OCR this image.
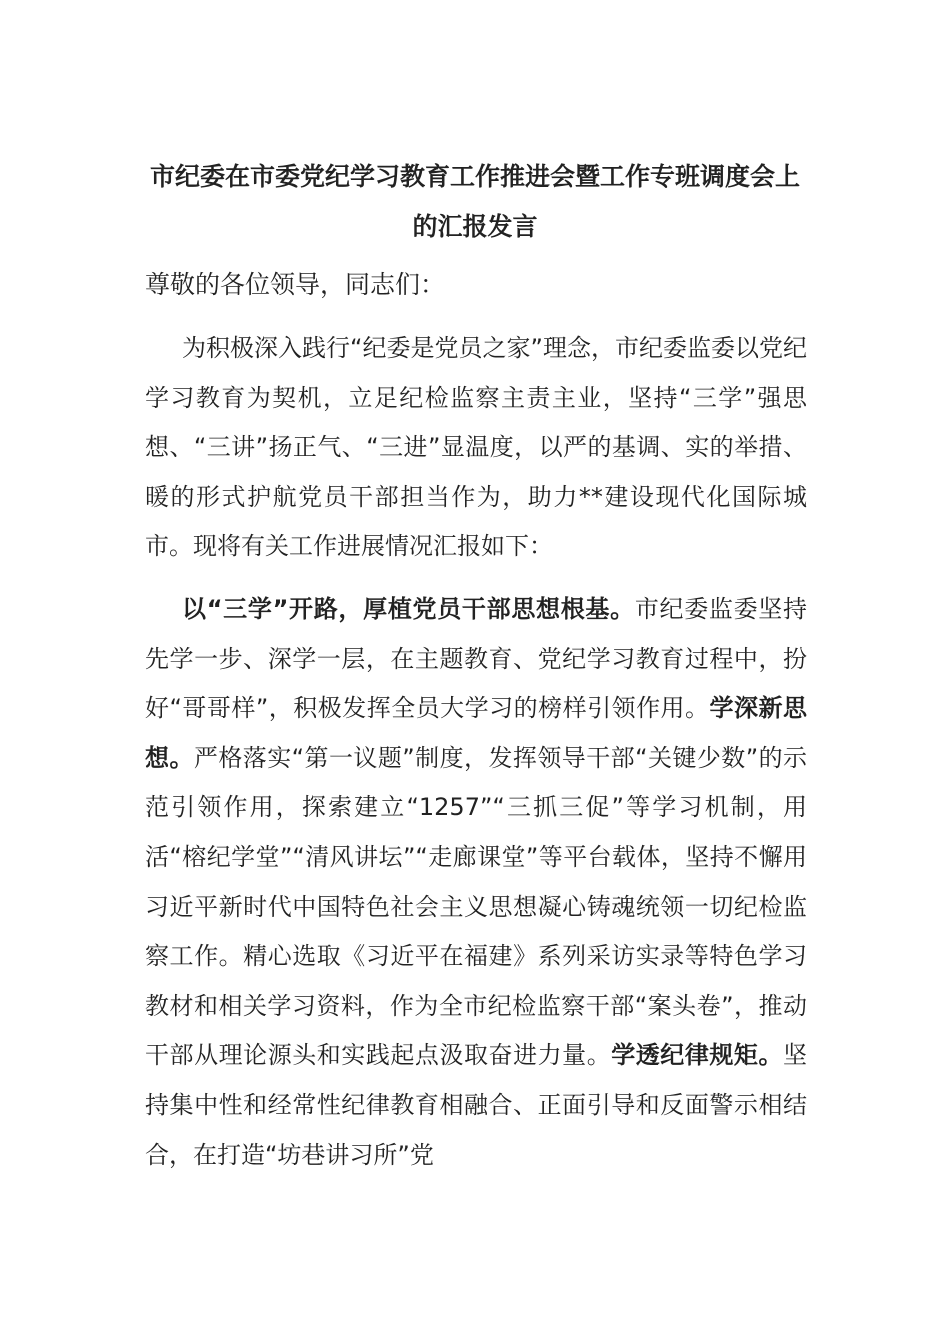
市纪委在市委党纪学习教育工作推进会暨工作专班调度会上的汇报发言

尊敬的各位领导，同志们：

为积极深入践行“纪委是党员之家”理念，市纪委监委以党纪学习教育为契机，立足纪检监察主责主业，坚持“三学”强思想、“三讲”扬正气、“三进”显温度，以严的基调、实的举措、暖的形式护航党员干部担当作为，助力**建设现代化国际城市。现将有关工作进展情况汇报如下：

以“三学”开路，厚植党员干部思想根基。市纪委监委坚持先学一步、深学一层，在主题教育、党纪学习教育过程中，扮好“哥哥样”，积极发挥全员大学习的榜样引领作用。学深新思想。严格落实“第一议题”制度，发挥领导干部“关键少数”的示范引领作用，探索建立“1257”“三抓三促”等学习机制，用活“榕纪学堂”“清风讲坛”“走廊课堂”等平台载体，坚持不懈用习近平新时代中国特色社会主义思想凝心铸魂统领一切纪检监察工作。精心选取《习近平在福建》系列采访实录等特色学习教材和相关学习资料，作为全市纪检监察干部“案头卷”，推动干部从理论源头和实践起点汲取奋进力量。学透纪律规矩。坚持集中性和经常性纪律教育相融合、正面引导和反面警示相结合，在打造“坊巷讲习所”党
